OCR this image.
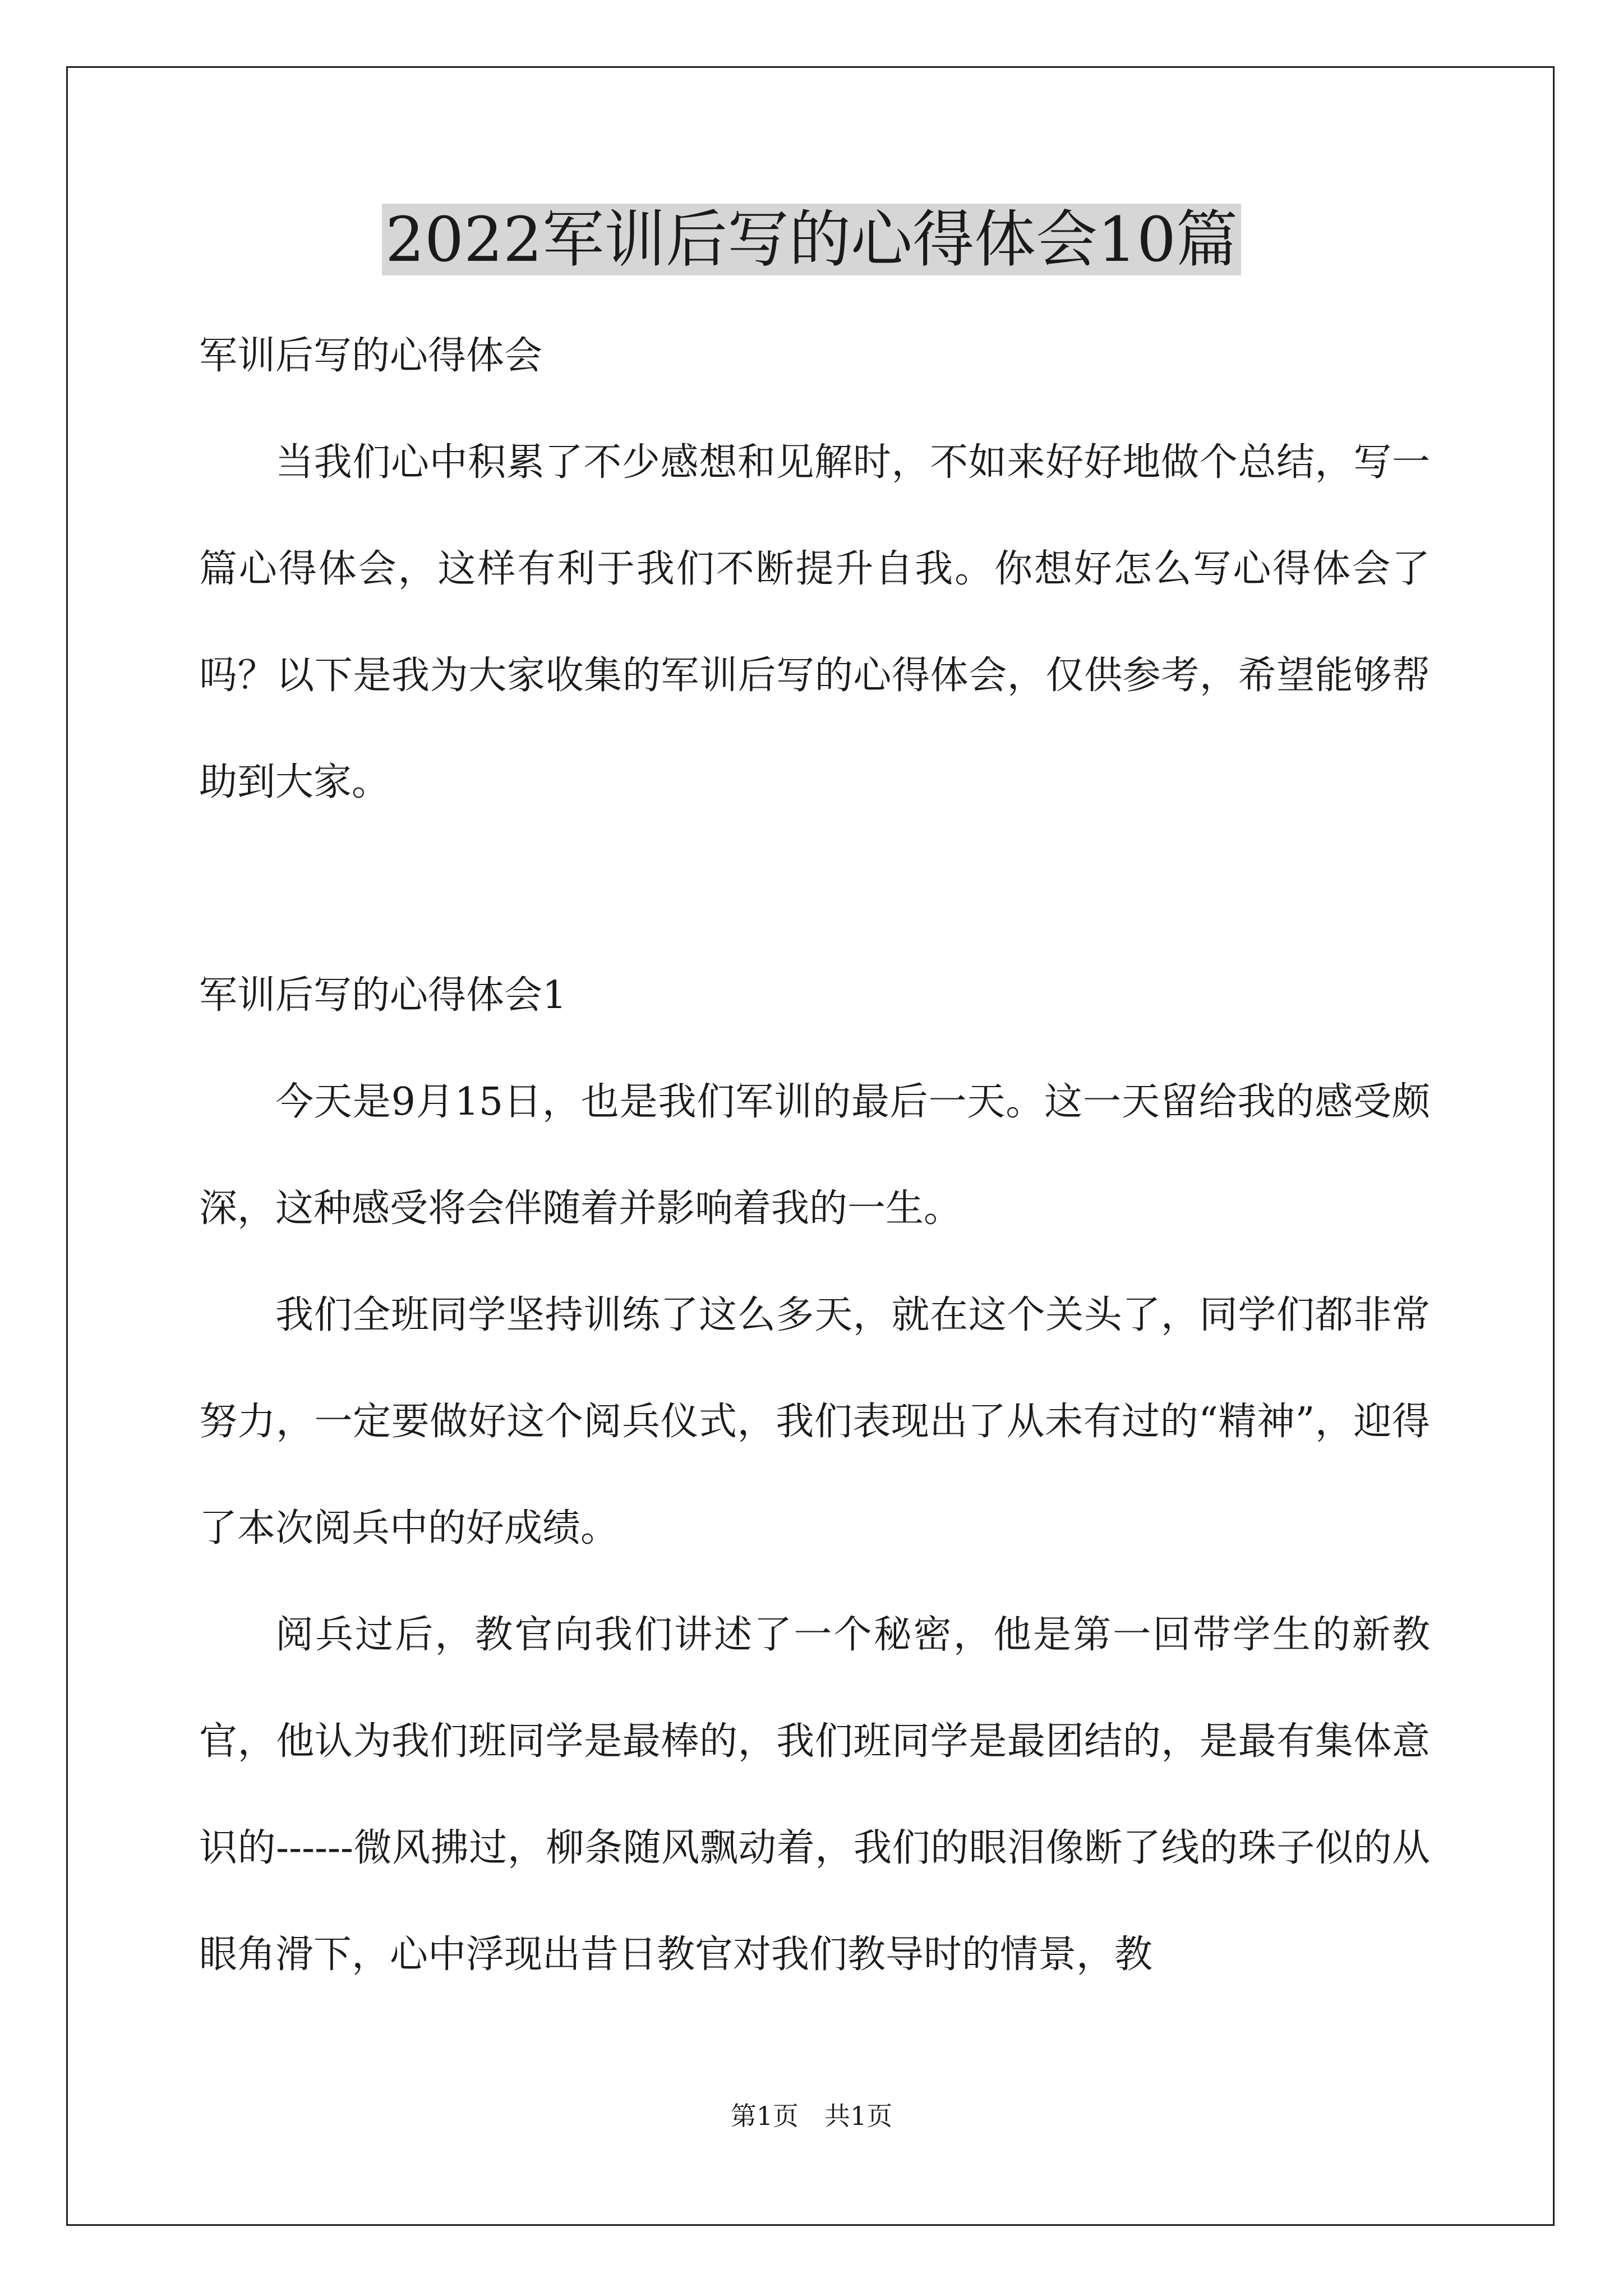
2022军训后写的心得体会10篇

军训后写的心得体会

当我们心中积累了不少感想和见解时，不如来好好地做个总结，写一篇心得体会，这样有利于我们不断提升自我。你想好怎么写心得体会了吗？以下是我为大家收集的军训后写的心得体会，仅供参考，希望能够帮助到大家。

军训后写的心得体会1

今天是9月15日，也是我们军训的最后一天。这一天留给我的感受颇深，这种感受将会伴随着并影响着我的一生。

我们全班同学坚持训练了这么多天，就在这个关头了，同学们都非常努力，一定要做好这个阅兵仪式，我们表现出了从未有过的“精神”，迎得了本次阅兵中的好成绩。

阅兵过后，教官向我们讲述了一个秘密，他是第一回带学生的新教官，他认为我们班同学是最棒的，我们班同学是最团结的，是最有集体意识的------微风拂过，柳条随风飘动着，我们的眼泪像断了线的珠子似的从眼角滑下，心中浮现出昔日教官对我们教导时的情景，教

第1页　共1页
